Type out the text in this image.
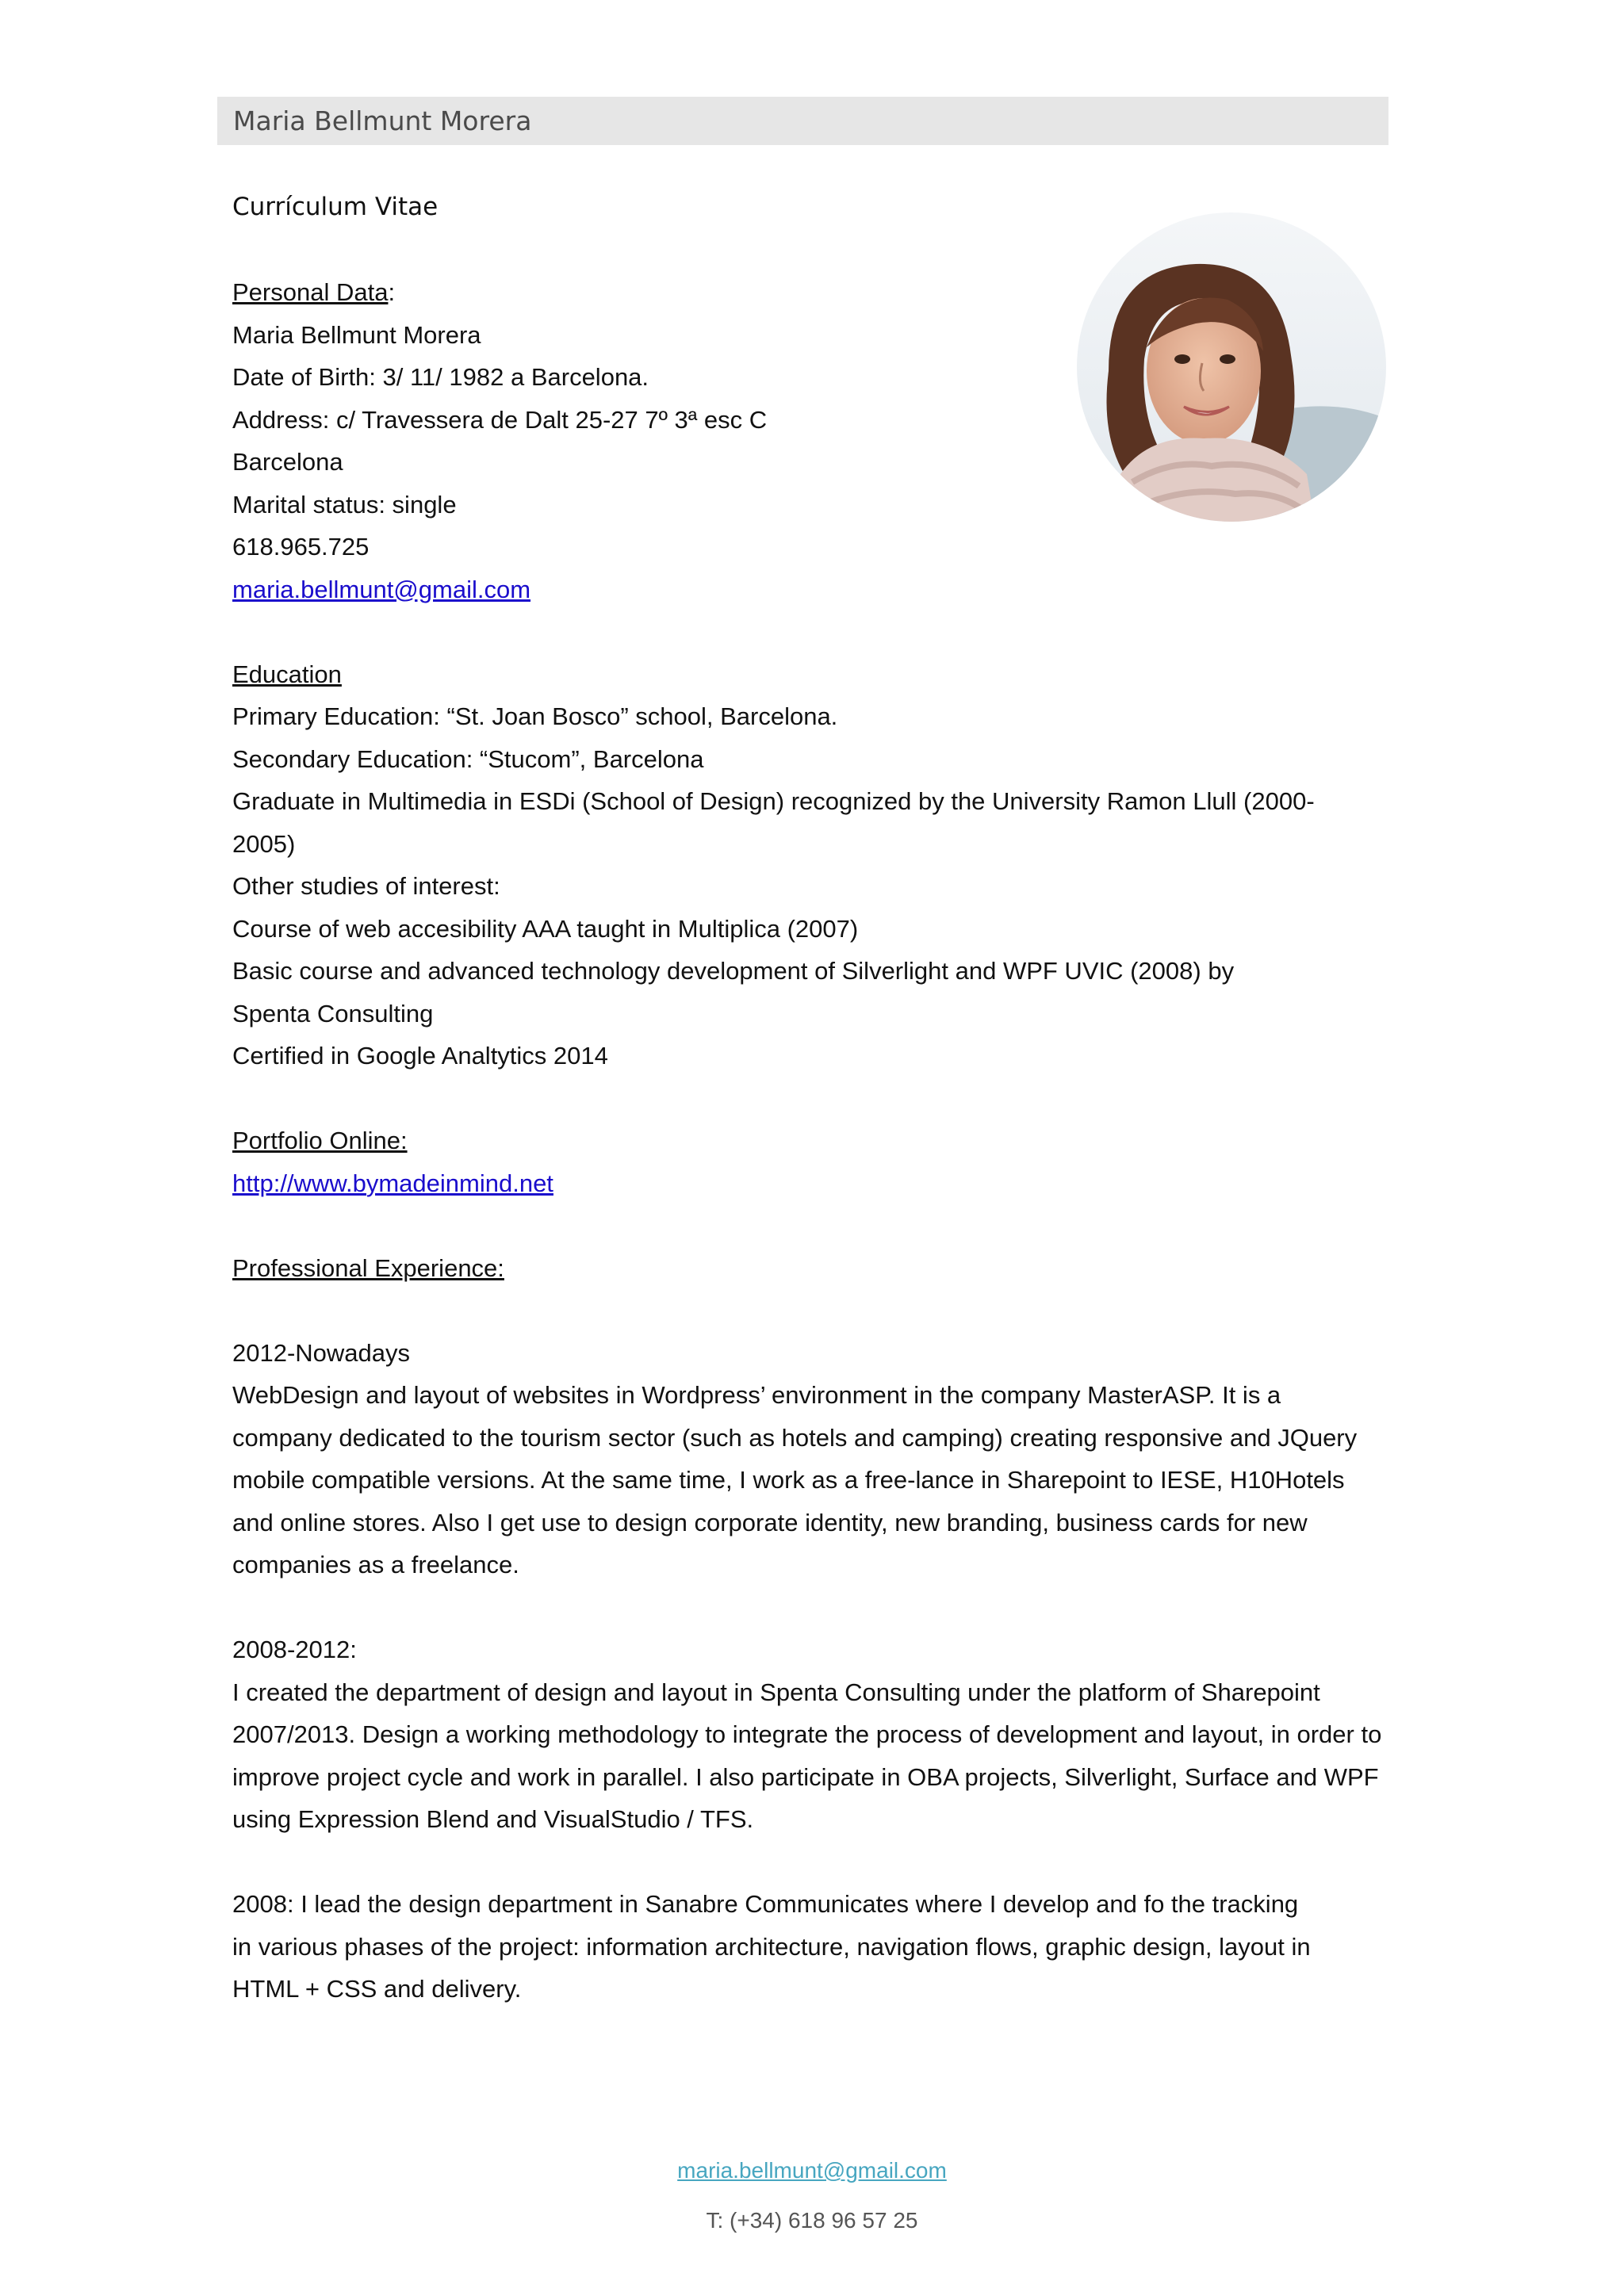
Maria Bellmunt Morera
Currículum Vitae
Personal Data:
Maria Bellmunt Morera
Date of Birth: 3/ 11/ 1982 a Barcelona.
Address: c/ Travessera de Dalt 25-27 7º 3ª esc C
Barcelona
Marital status: single
618.965.725
maria.bellmunt@gmail.com
Education
Primary Education: “St. Joan Bosco” school, Barcelona.
Secondary Education: “Stucom”, Barcelona
Graduate in Multimedia in ESDi (School of Design) recognized by the University Ramon Llull (2000-
2005)
Other studies of interest:
Course of web accesibility AAA taught in Multiplica (2007)
Basic course and advanced technology development of Silverlight and WPF UVIC (2008) by
Spenta Consulting
Certified in Google Analtytics 2014
Portfolio Online:
http://www.bymadeinmind.net
Professional Experience:
2012-Nowadays
WebDesign and layout of websites in Wordpress’ environment in the company MasterASP. It is a
company dedicated to the tourism sector (such as hotels and camping) creating responsive and JQuery
mobile compatible versions. At the same time, I work as a free-lance in Sharepoint to IESE, H10Hotels
and online stores. Also I get use to design corporate identity, new branding, business cards for new
companies as a freelance.
2008-2012:
I created the department of design and layout in Spenta Consulting under the platform of Sharepoint
2007/2013. Design a working methodology to integrate the process of development and layout, in order to
improve project cycle and work in parallel. I also participate in OBA projects, Silverlight, Surface and WPF
using Expression Blend and VisualStudio / TFS.
2008: I lead the design department in Sanabre Communicates where I develop and fo the tracking
in various phases of the project: information architecture, navigation flows, graphic design, layout in
HTML + CSS and delivery.
maria.bellmunt@gmail.com
T: (+34) 618 96 57 25
